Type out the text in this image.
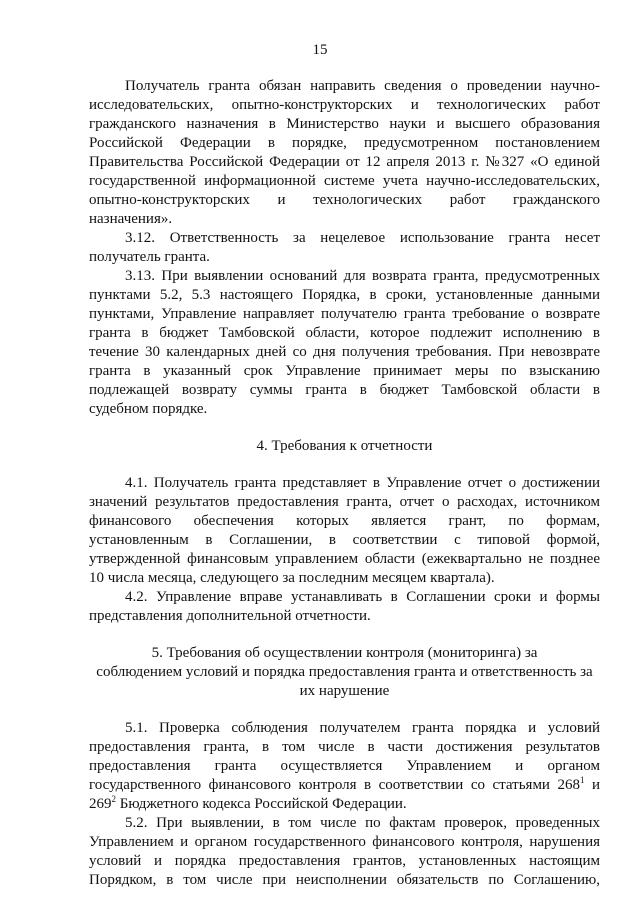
15
Получатель гранта обязан направить сведения о проведении научно-
исследовательских, опытно-конструкторских и технологических работ
гражданского назначения в Министерство науки и высшего образования
Российской Федерации в порядке, предусмотренном постановлением
Правительства Российской Федерации от 12 апреля 2013 г. №327 «О единой
государственной информационной системе учета научно-исследовательских,
опытно-конструкторских и технологических работ гражданского
назначения».
3.12. Ответственность за нецелевое использование гранта несет
получатель гранта.
3.13. При выявлении оснований для возврата гранта, предусмотренных
пунктами 5.2, 5.3 настоящего Порядка, в сроки, установленные данными
пунктами, Управление направляет получателю гранта требование о возврате
гранта в бюджет Тамбовской области, которое подлежит исполнению в
течение 30 календарных дней со дня получения требования. При невозврате
гранта в указанный срок Управление принимает меры по взысканию
подлежащей возврату суммы гранта в бюджет Тамбовской области в
судебном порядке.
4. Требования к отчетности
4.1. Получатель гранта представляет в Управление отчет о достижении
значений результатов предоставления гранта, отчет о расходах, источником
финансового обеспечения которых является грант, по формам,
установленным в Соглашении, в соответствии с типовой формой,
утвержденной финансовым управлением области (ежеквартально не позднее
10 числа месяца, следующего за последним месяцем квартала).
4.2. Управление вправе устанавливать в Соглашении сроки и формы
представления дополнительной отчетности.
5. Требования об осуществлении контроля (мониторинга) за
соблюдением условий и порядка предоставления гранта и ответственность за
их нарушение
5.1. Проверка соблюдения получателем гранта порядка и условий
предоставления гранта, в том числе в части достижения результатов
предоставления гранта осуществляется Управлением и органом
государственного финансового контроля в соответствии со статьями $268^1$ и
$269^2$ Бюджетного кодекса Российской Федерации.
5.2. При выявлении, в том числе по фактам проверок, проведенных
Управлением и органом государственного финансового контроля, нарушения
условий и порядка предоставления грантов, установленных настоящим
Порядком, в том числе при неисполнении обязательств по Соглашению,
